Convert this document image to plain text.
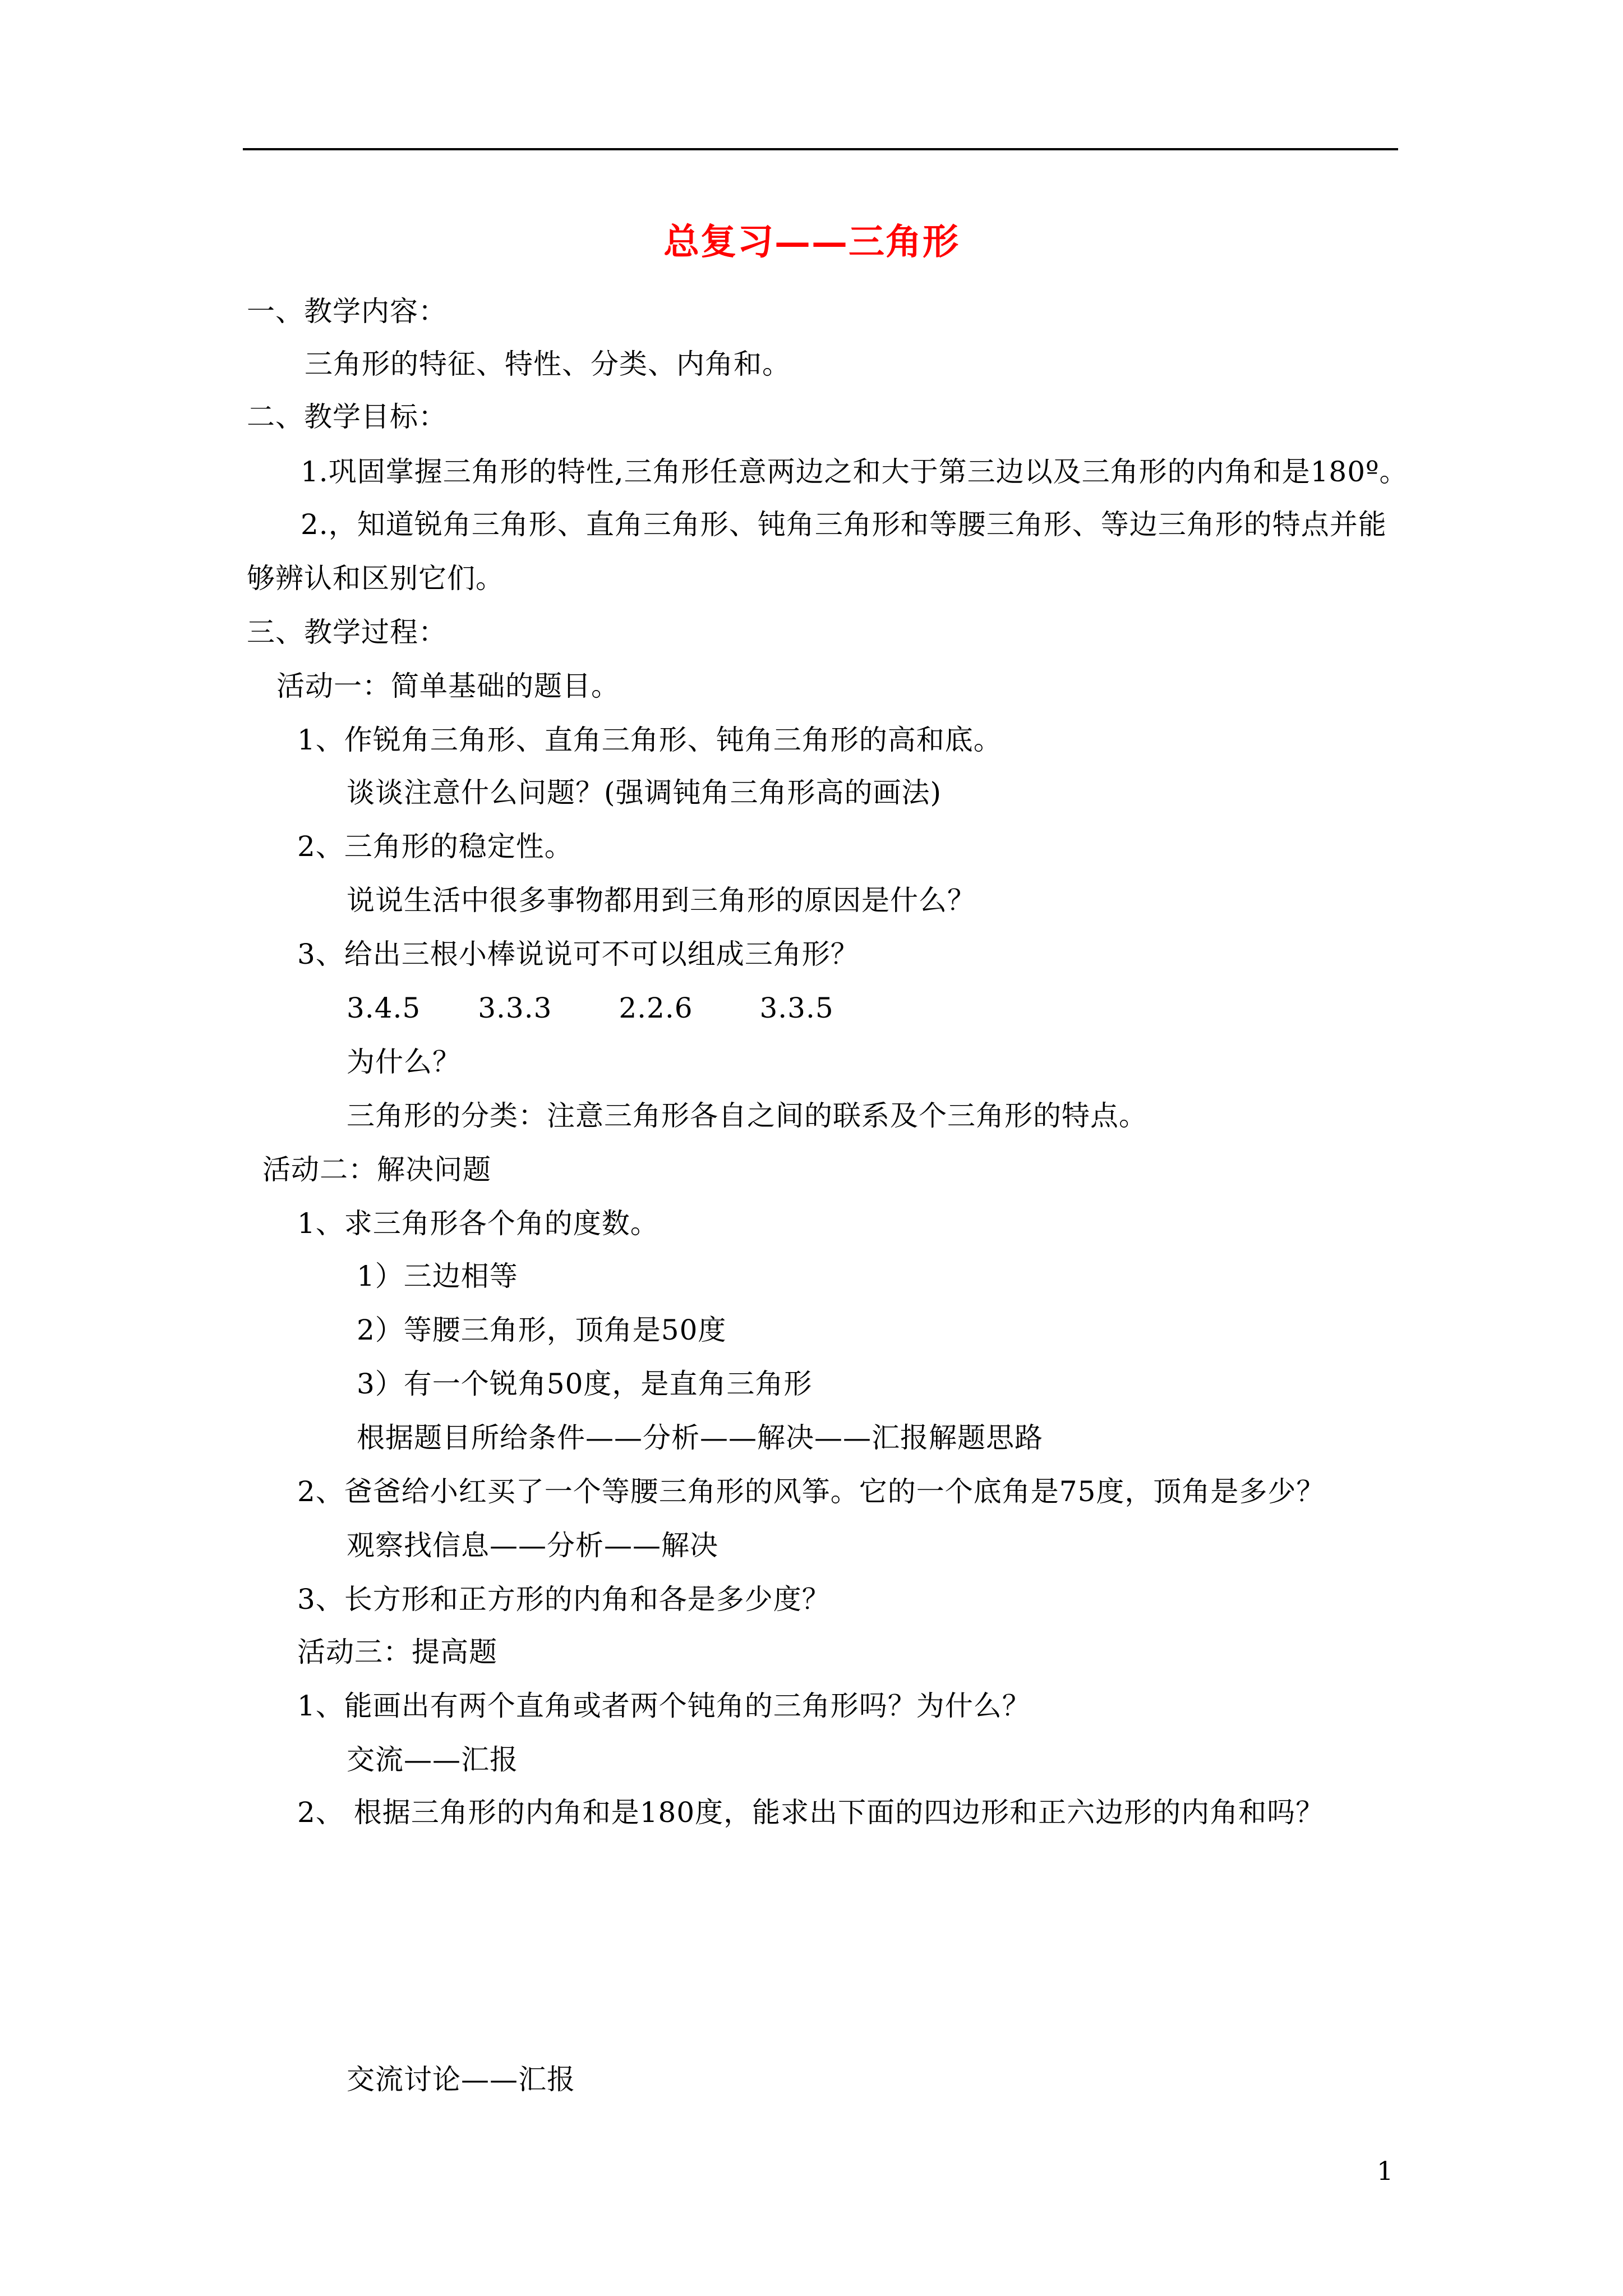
总复习——三角形
一、教学内容：
三角形的特征、特性、分类、内角和。
二、教学目标：
1.巩固掌握三角形的特性,三角形任意两边之和大于第三边以及三角形的内角和是180º。
2.，知道锐角三角形、直角三角形、钝角三角形和等腰三角形、等边三角形的特点并能
够辨认和区别它们。
三、教学过程：
活动一：简单基础的题目。
1、作锐角三角形、直角三角形、钝角三角形的高和底。
谈谈注意什么问题？(强调钝角三角形高的画法)
2、三角形的稳定性。
说说生活中很多事物都用到三角形的原因是什么？
3、给出三根小棒说说可不可以组成三角形？
3.4.5　　3.3.3　　 2.2.6　　 3.3.5
为什么？
三角形的分类：注意三角形各自之间的联系及个三角形的特点。
活动二：解决问题
1、求三角形各个角的度数。
1）三边相等
2）等腰三角形，顶角是50度
3）有一个锐角50度，是直角三角形
根据题目所给条件——分析——解决——汇报解题思路
2、爸爸给小红买了一个等腰三角形的风筝。它的一个底角是75度，顶角是多少？
观察找信息——分析——解决
3、长方形和正方形的内角和各是多少度？
活动三：提高题
1、能画出有两个直角或者两个钝角的三角形吗？为什么？
交流——汇报
2、 根据三角形的内角和是180度，能求出下面的四边形和正六边形的内角和吗？
交流讨论——汇报
1
